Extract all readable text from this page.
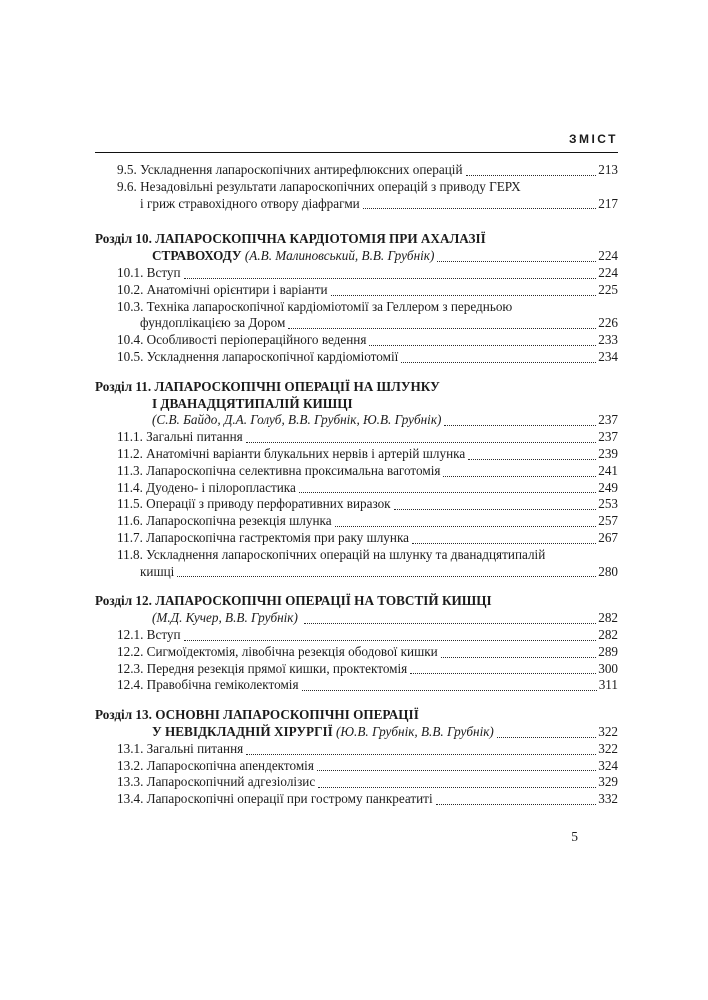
ЗМІСТ
9.5. Ускладнення лапароскопічних антирефлюксних операцій	213
9.6. Незадовільні результати лапароскопічних операцій з приводу ГЕРХ
і гриж стравохідного отвору діафрагми	217
Розділ 10. ЛАПАРОСКОПІЧНА КАРДІОТОМІЯ ПРИ АХАЛАЗІЇ
СТРАВОХОДУ (А.В. Малиновський, В.В. Грубнік)	224
10.1. Вступ	224
10.2. Анатомічні орієнтири і варіанти	225
10.3. Техніка лапароскопічної кардіоміотомії за Геллером з передньою
фундоплікацією за Дором	226
10.4. Особливості періопераційного ведення	233
10.5. Ускладнення лапароскопічної кардіоміотомії	234
Розділ 11. ЛАПАРОСКОПІЧНІ ОПЕРАЦІЇ НА ШЛУНКУ
І ДВАНАДЦЯТИПАЛІЙ КИШЦІ
(С.В. Байдо, Д.А. Голуб, В.В. Грубнік, Ю.В. Грубнік)	237
11.1. Загальні питання	237
11.2. Анатомічні варіанти блукальних нервів і артерій шлунка	239
11.3. Лапароскопічна селективна проксимальна ваготомія	241
11.4. Дуодено- і пілоропластика	249
11.5. Операції з приводу перфоративних виразок	253
11.6. Лапароскопічна резекція шлунка	257
11.7. Лапароскопічна гастректомія при раку шлунка	267
11.8. Ускладнення лапароскопічних операцій на шлунку та дванадцятипалій
кишці	280
Розділ 12. ЛАПАРОСКОПІЧНІ ОПЕРАЦІЇ НА ТОВСТІЙ КИШЦІ
(М.Д. Кучер, В.В. Грубнік)	282
12.1. Вступ	282
12.2. Сигмоїдектомія, лівобічна резекція ободової кишки	289
12.3. Передня резекція прямої кишки, проктектомія	300
12.4. Правобічна геміколектомія	311
Розділ 13. ОСНОВНІ ЛАПАРОСКОПІЧНІ ОПЕРАЦІЇ
У НЕВІДКЛАДНІЙ ХІРУРГІЇ (Ю.В. Грубнік, В.В. Грубнік)	322
13.1. Загальні питання	322
13.2. Лапароскопічна апендектомія	324
13.3. Лапароскопічний адгезіолізис	329
13.4. Лапароскопічні операції при гострому панкреатиті	332
5
